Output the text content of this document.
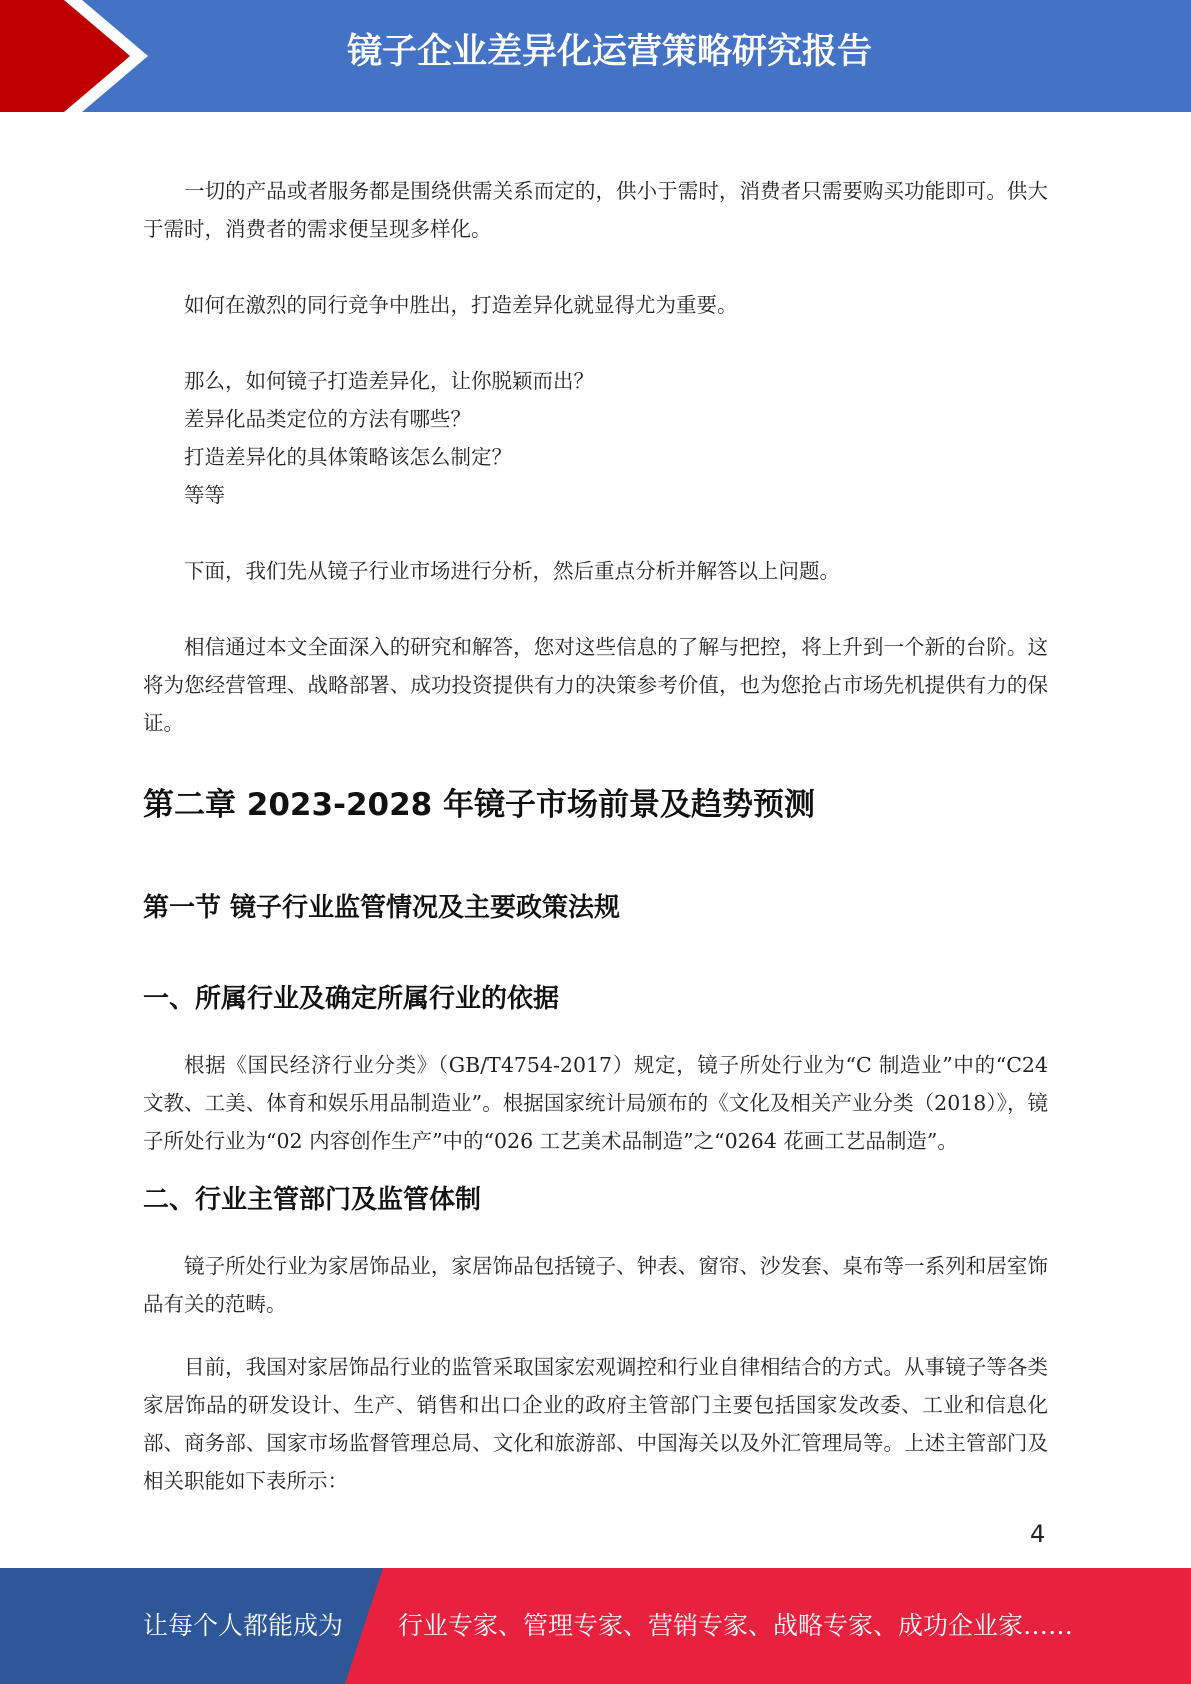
镜子企业差异化运营策略研究报告

一切的产品或者服务都是围绕供需关系而定的，供小于需时，消费者只需要购买功能即可。供大于需时，消费者的需求便呈现多样化。

如何在激烈的同行竞争中胜出，打造差异化就显得尤为重要。

那么，如何镜子打造差异化，让你脱颖而出？

差异化品类定位的方法有哪些？

打造差异化的具体策略该怎么制定？

等等

下面，我们先从镜子行业市场进行分析，然后重点分析并解答以上问题。

相信通过本文全面深入的研究和解答，您对这些信息的了解与把控，将上升到一个新的台阶。这将为您经营管理、战略部署、成功投资提供有力的决策参考价值，也为您抢占市场先机提供有力的保证。

第二章 2023-2028 年镜子市场前景及趋势预测
第一节 镜子行业监管情况及主要政策法规
一、所属行业及确定所属行业的依据

根据《国民经济行业分类》（GB/T4754-2017）规定，镜子所处行业为“C 制造业”中的“C24 文教、工美、体育和娱乐用品制造业”。根据国家统计局颁布的《文化及相关产业分类（2018）》，镜子所处行业为“02 内容创作生产”中的“026 工艺美术品制造”之“0264 花画工艺品制造”。

二、行业主管部门及监管体制

镜子所处行业为家居饰品业，家居饰品包括镜子、钟表、窗帘、沙发套、桌布等一系列和居室饰品有关的范畴。

目前，我国对家居饰品行业的监管采取国家宏观调控和行业自律相结合的方式。从事镜子等各类家居饰品的研发设计、生产、销售和出口企业的政府主管部门主要包括国家发改委、工业和信息化部、商务部、国家市场监督管理总局、文化和旅游部、中国海关以及外汇管理局等。上述主管部门及相关职能如下表所示：

4
让每个人都能成为 行业专家、管理专家、营销专家、战略专家、成功企业家……
